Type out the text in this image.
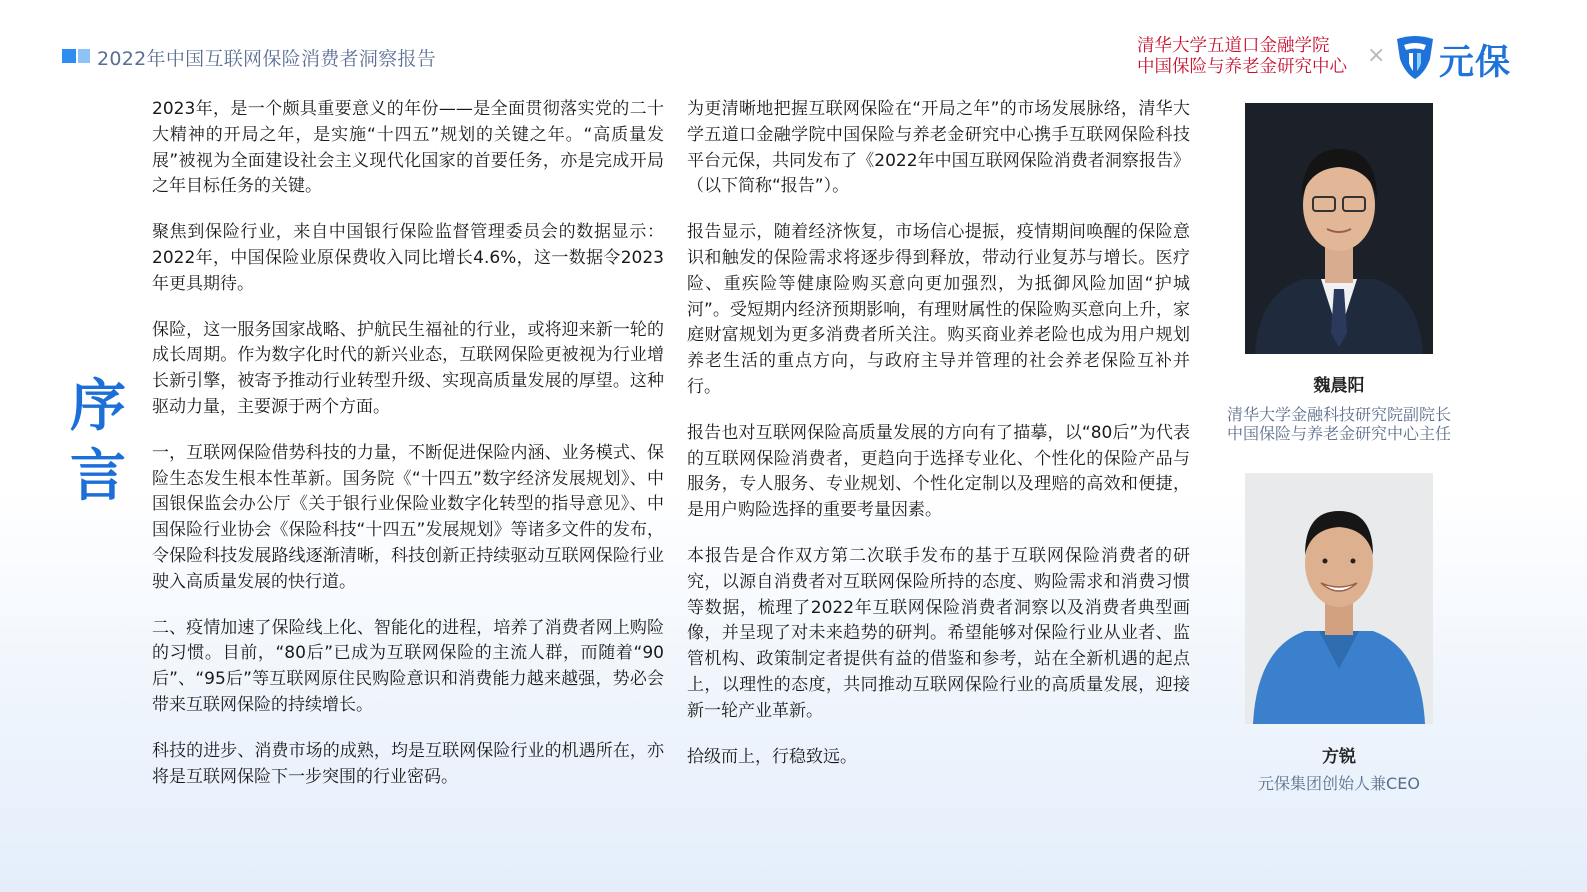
2022年中国互联网保险消费者洞察报告
清华大学五道口金融学院
中国保险与养老金研究中心 × 元保
序
言

2023年，是一个颇具重要意义的年份——是全面贯彻落实党的二十大精神的开局之年，是实施“十四五”规划的关键之年。“高质量发展”被视为全面建设社会主义现代化国家的首要任务，亦是完成开局之年目标任务的关键。

聚焦到保险行业，来自中国银行保险监督管理委员会的数据显示：2022年，中国保险业原保费收入同比增长4.6%，这一数据令2023年更具期待。

保险，这一服务国家战略、护航民生福祉的行业，或将迎来新一轮的成长周期。作为数字化时代的新兴业态，互联网保险更被视为行业增长新引擎，被寄予推动行业转型升级、实现高质量发展的厚望。这种驱动力量，主要源于两个方面。

一，互联网保险借势科技的力量，不断促进保险内涵、业务模式、保险生态发生根本性革新。国务院《“十四五”数字经济发展规划》、中国银保监会办公厅《关于银行业保险业数字化转型的指导意见》、中国保险行业协会《保险科技“十四五”发展规划》等诸多文件的发布，令保险科技发展路线逐渐清晰，科技创新正持续驱动互联网保险行业驶入高质量发展的快行道。

二、疫情加速了保险线上化、智能化的进程，培养了消费者网上购险的习惯。目前，“80后”已成为互联网保险的主流人群，而随着“90后”、“95后”等互联网原住民购险意识和消费能力越来越强，势必会带来互联网保险的持续增长。

科技的进步、消费市场的成熟，均是互联网保险行业的机遇所在，亦将是互联网保险下一步突围的行业密码。

为更清晰地把握互联网保险在“开局之年”的市场发展脉络，清华大学五道口金融学院中国保险与养老金研究中心携手互联网保险科技平台元保，共同发布了《2022年中国互联网保险消费者洞察报告》（以下简称“报告”）。

报告显示，随着经济恢复，市场信心提振，疫情期间唤醒的保险意识和触发的保险需求将逐步得到释放，带动行业复苏与增长。医疗险、重疾险等健康险购买意向更加强烈，为抵御风险加固“护城河”。受短期内经济预期影响，有理财属性的保险购买意向上升，家庭财富规划为更多消费者所关注。购买商业养老险也成为用户规划养老生活的重点方向，与政府主导并管理的社会养老保险互补并行。

报告也对互联网保险高质量发展的方向有了描摹，以“80后”为代表的互联网保险消费者，更趋向于选择专业化、个性化的保险产品与服务，专人服务、专业规划、个性化定制以及理赔的高效和便捷，是用户购险选择的重要考量因素。

本报告是合作双方第二次联手发布的基于互联网保险消费者的研究，以源自消费者对互联网保险所持的态度、购险需求和消费习惯等数据，梳理了2022年互联网保险消费者洞察以及消费者典型画像，并呈现了对未来趋势的研判。希望能够对保险行业从业者、监管机构、政策制定者提供有益的借鉴和参考，站在全新机遇的起点上，以理性的态度，共同推动互联网保险行业的高质量发展，迎接新一轮产业革新。

拾级而上，行稳致远。

魏晨阳
清华大学金融科技研究院副院长
中国保险与养老金研究中心主任
方锐
元保集团创始人兼CEO
